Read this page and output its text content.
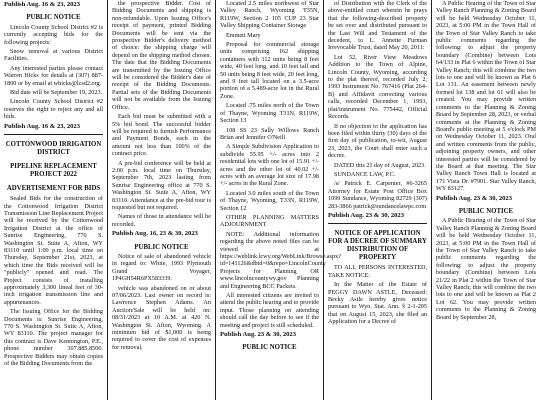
Publish Aug. 16 & 23, 2023
PUBLIC NOTICE

Lincoln County School District #2 is currently accepting bids for the following projects:

Snow removal at various District Facilities.

Any interested parties please contact Warren Hicks for details at (307) 887-1800 or by email at whicks@lcsd2.org.

Bid date will be September 19, 2023.

Lincoln County School District #2 reserves the right to reject any and all bids.

Publish Aug. 16 & 23, 2023
COTTONWOOD IRRIGATION DISTRICT
PIPELINE REPLACEMENT PROJECT 2022
ADVERTISEMENT FOR BIDS

Sealed Bids for the construction of the Cottonwood Irrigation District Transmission Line Replacement Project will be received by the Cottonwood Irrigation District at the office of Sunrise Engineering, 770 S. Washington St. Suite A, Afton, WY 83110 until 1:00 p.m. local time on Thursday, September 21st, 2023, at which time the Bids received will be "publicly" opened and read. The Project consists of installing approximately 3,300 lineal feet of 30-inch irrigation transmission line and appurtenances.

The Issuing Office for the Bidding Documents is: Sunrise Engineering, 770 S. Washington St. Suite A, Afton, WY 83110. The project manager for this contract is Dave Kennington, P.E., phone number 307.885.8500. Prospective Bidders may obtain copies of the Bidding Documents from the

the prospective Bidder. Cost of Bidding Documents and shipping is non-refundable. Upon Issuing Office's receipt of payment, printed Bidding Documents will be sent via the prospective Bidder's delivery method of choice: the shipping charge will depend on the shipping method chosen. The date that the Bidding Documents are transmitted by the Issuing Office will be considered the Bidder's date of receipt of the Bidding Documents. Partial sets of the Bidding Documents will not be available from the Issuing Office.

Each bid must be submitted with a 5% bid bond. The successful bidder will be required to furnish Performance and Payment Bonds, each in the amount not less than 100% of the contract price.

A pre-bid conference will be held at 2:00 p.m. local time on Thursday, September 7th, 2023 lasting from Sunrise Engineering office at 770 S. Washington St. Suite A, Afton, WY 83110. Attendance at the pre-bid tour is requested but not required.

Names of those in attendance will be recorded.

Publish Aug. 16, 23 & 30, 2023
PUBLIC NOTICE

Notice of sale of abandoned vehicle in regard to: White, 1993 Plymouth Grand Voyager, 1P4GH54R6PX583339.

vehicle was abandoned on or about 07/06/2023. Last owner on record is: Lawrence Stephen Adams. An Auction/Sale will be held on: 08/31/2023 at 10 A.M. at 420 N. Washington St. Afton, Wyoming. A minimum bid of $1,000 is being required to cover the cost of expenses for removal,

Located 2.5 miles northwest of Star Valley Ranch, Wyoming T35N, R119W, Section 2 105 CUP 23 Star Valley Shipping Container Storage

Emmett Mary

Proposal for commercial storage units comprising 162 shipping containers with 112 units being 8 feet wide, 40 feet long, and 10 feet tall and 50 units being 8 feet wide, 20 feet long, and 9 feet tall located on a 3.5-acre portion of a 5.489-acre lot in the Rural Zone.

Located .75 miles north of the Town of Thayne, Wyoming T31N, R119W, Section 13

108 SS 23 Sally Willows Ranch Brian and Jennifer O'Neill

A Simple Subdivision Application to subdivide 55.95 +/- acres into 2 residential lots with one lot of 15.91 +/- acres and the other lot of 40.02 +/- acres with an average lot size of 17.98 +/- acres in the Rural Zone.

Located 3.0 miles south of the Town of Thayne, Wyoming, T33N, R119W, Section 12

OTHER PLANNING MATTERS ADJOURNMENT

NOTE: Additional information regarding the above noted files can be viewed at https://weblink.lcwy.org/WebLink/Browse.aspx?id=141126&dbid=0&repo=LincolnCounty Projects for Planning OR www.lincolncountywy.gov Planning and Engineering BCC Packets.

All interested citizens are invited to attend the public hearing and to provide input. Those planning on attending should call the day before to see if the meeting and project is still scheduled.

Publish Aug. 23 & 30, 2023
PUBLIC NOTICE

of Distribution with the Clerk of the above-entitled court wherein he prays that the following-described property be set over and distributed pursuant to the Last Will and Testament of the decedent, to L. Annette Furman Irrevocable Trust, dated May 20, 2011:

Lot 52, River View Meadows Addition to the Town of Alpine, Lincoln County, Wyoming, according to the plat thereof, recorded July 2, 1993 Instrument No. 767416 (Plat 264-B) and Affidavit correcting various calls, recorded December 1, 1993, plat/instrument No. 775442, Official Records.

If no objection to the application has been filed within thirty (30) days of the first day of publication, to-wit, August 23, 2023, the Court shall enter such a decree.

DATED this 21 day of August, 2023.

SUNDANCE LAW, P.C.

/s/ Patrick E. Carpenter, #6-3265 Attorney for Estate Post Office Box 1099 Sundance, Wyoming 82729 (307) 283-3866 patrick@sundancelawpc.com

Publish Aug. 23 & 30, 2023
NOTICE OF APPLICATION FOR A DECREE OF SUMMARY DISTRIBUTION OF PROPERTY

TO ALL PERSONS INTERESTED, TAKE NOTICE:

In the Matter of the Estate of PEGGY DAWN ASTLE, Deceased: Becky Astle hereby gives notice pursuant to Wyo. Stat. Ann. § 2-1-205 that on August 15, 2023, she filed an Application for a Decree of

A Public Hearing of the Town of Star Valley Ranch Planning & Zoning Board will be held Wednesday October 11, 2023, at 5:00 PM in the Town Hall of the Town of Star Valley Ranch to take public comments regarding the following: to adjust the property boundary (Combine) between Lots 64/133 in Plat 6 within the Town of Star Valley Ranch; this will combine the two lots to one and will be known as Plat 6 Lot 131. An easement between newly formed lot 138 and lot 61 will also be created. You may provide written comments to the Planning & Zoning Board by September 28, 2023, or verbal comments at the Planning & Zoning Board's public meeting at 5 o'clock PM on Wednesday October 11, 2023. Oral and written comments from the public, adjoining property owners, and other interested parties will be considered by the Board at that meeting. The Star Valley Ranch Town Hall is located at 171 Vista Dr. #7901. Star Valley Ranch, WY 83127.

Publish Aug. 23 & 30, 2023
PUBLIC NOTICE

A Public Hearing of the Town of Star Valley Ranch Planning & Zoning Board will be held Wednesday October 11, 2023, at 5:00 PM in the Town Hall of the Town of Star Valley Ranch to take public comments regarding the following: to adjust the property boundary (Combine) between Lots 21/22 in Plat 2 within the Town of Star Valley Ranch; this will combine the two lots to one and will be known as Plat 2 Lot 62. You may provide written comments to the Planning & Zoning Board by September 28,
